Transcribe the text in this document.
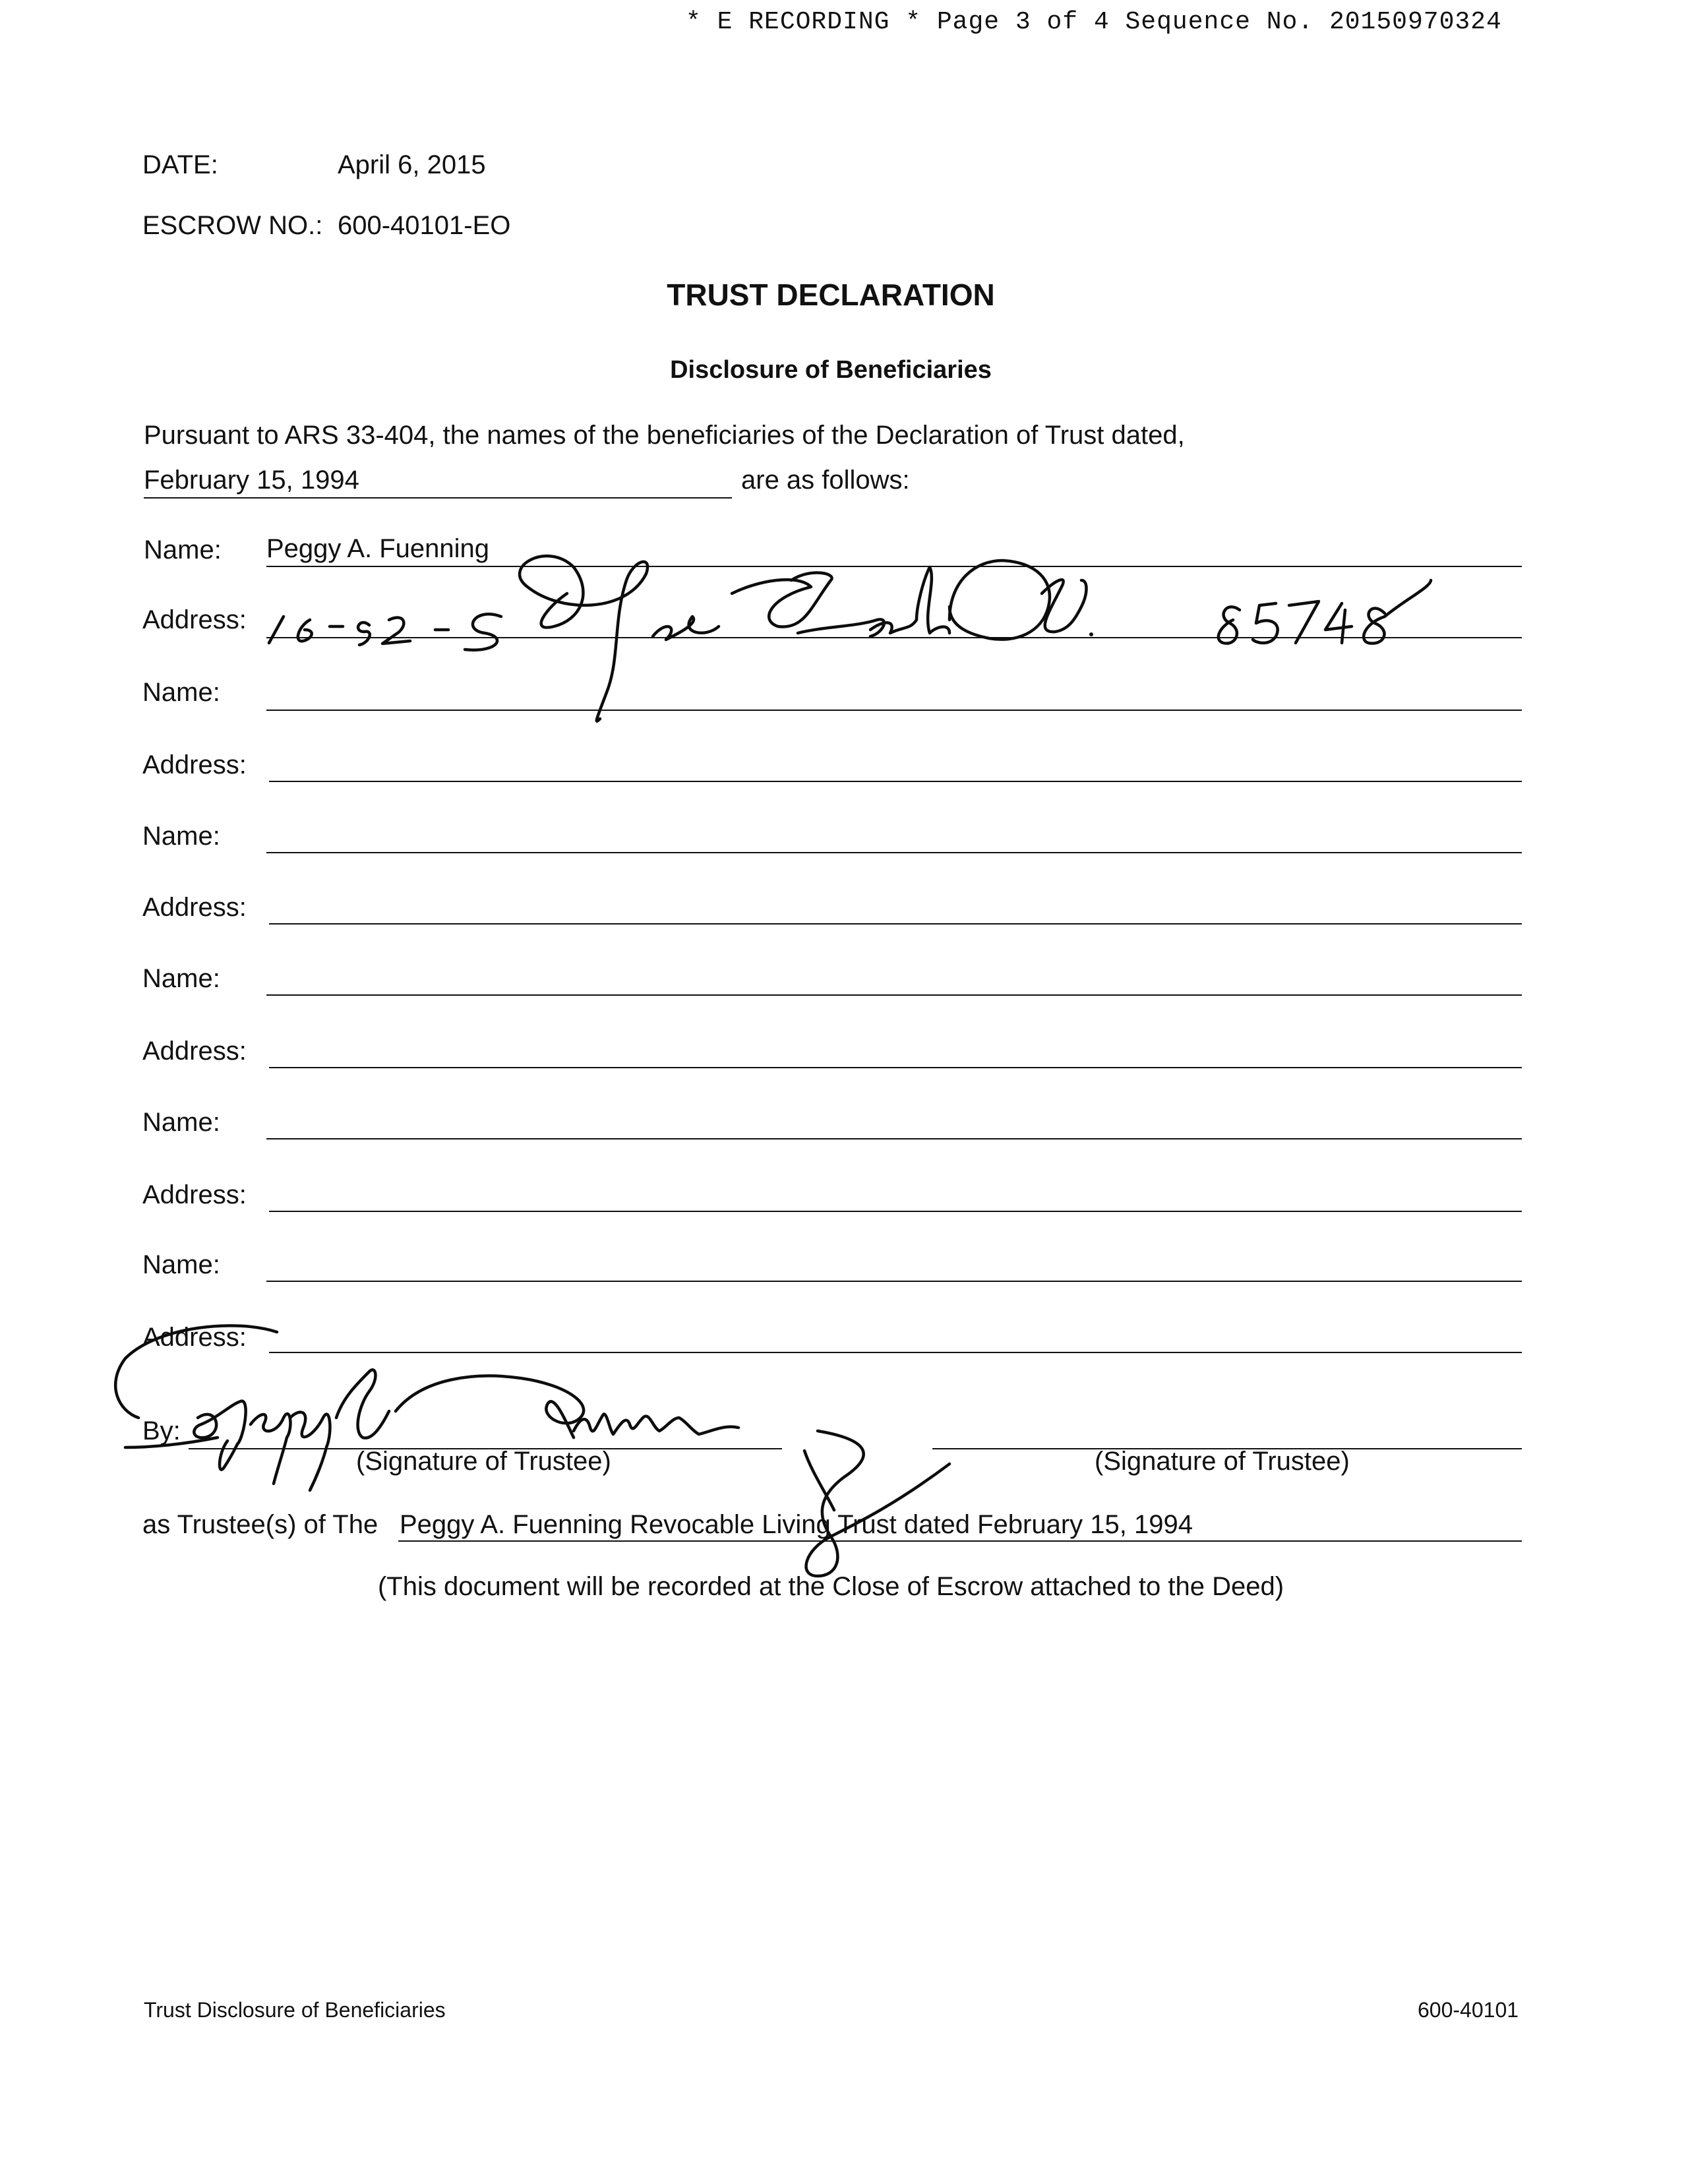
* E RECORDING * Page 3 of 4 Sequence No. 20150970324
DATE:	April 6, 2015
ESCROW NO.: 600-40101-EO
TRUST DECLARATION
Disclosure of Beneficiaries
Pursuant to ARS 33-404, the names of the beneficiaries of the Declaration of Trust dated,
February 15, 1994	are as follows:
Name: Peggy A. Fuenning
Address:
Name:
Address:
Name:
Address:
Name:
Address:
Name:
Address:
Name:
Address:
By:
(Signature of Trustee)	(Signature of Trustee)
as Trustee(s) of The Peggy A. Fuenning Revocable Living Trust dated February 15, 1994
(This document will be recorded at the Close of Escrow attached to the Deed)
Trust Disclosure of Beneficiaries	600-40101
